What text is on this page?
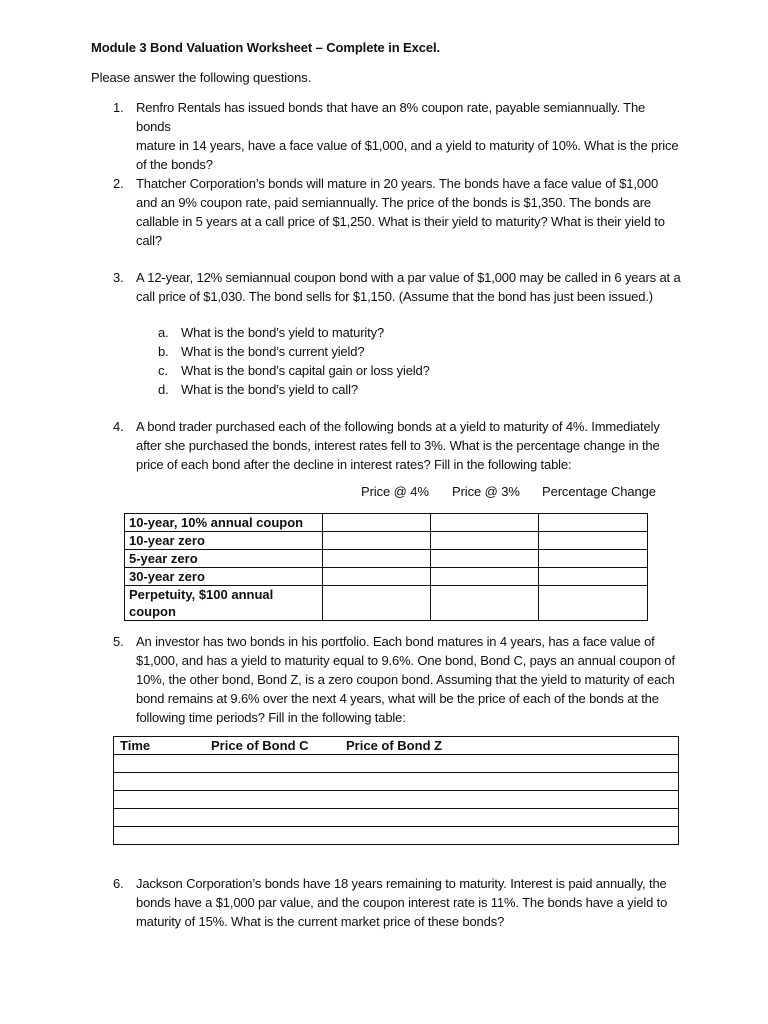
Module 3 Bond Valuation Worksheet – Complete in Excel.
Please answer the following questions.
1. Renfro Rentals has issued bonds that have an 8% coupon rate, payable semiannually. The bonds
mature in 14 years, have a face value of $1,000, and a yield to maturity of 10%. What is the price
of the bonds?
2. Thatcher Corporation’s bonds will mature in 20 years. The bonds have a face value of $1,000
and an 9% coupon rate, paid semiannually. The price of the bonds is $1,350. The bonds are
callable in 5 years at a call price of $1,250. What is their yield to maturity? What is their yield to
call?
3. A 12-year, 12% semiannual coupon bond with a par value of $1,000 may be called in 6 years at a
call price of $1,030. The bond sells for $1,150. (Assume that the bond has just been issued.)
a. What is the bond’s yield to maturity?
b. What is the bond’s current yield?
c. What is the bond’s capital gain or loss yield?
d. What is the bond’s yield to call?
4. A bond trader purchased each of the following bonds at a yield to maturity of 4%. Immediately
after she purchased the bonds, interest rates fell to 3%. What is the percentage change in the
price of each bond after the decline in interest rates? Fill in the following table:
Price @ 4% Price @ 3% Percentage Change
10-year, 10% annual coupon			
10-year zero			
5-year zero			
30-year zero			
Perpetuity, $100 annual coupon			
5. An investor has two bonds in his portfolio. Each bond matures in 4 years, has a face value of
$1,000, and has a yield to maturity equal to 9.6%. One bond, Bond C, pays an annual coupon of
10%, the other bond, Bond Z, is a zero coupon bond. Assuming that the yield to maturity of each
bond remains at 9.6% over the next 4 years, what will be the price of each of the bonds at the
following time periods? Fill in the following table:
Time	Price of Bond C	Price of Bond Z

6. Jackson Corporation’s bonds have 18 years remaining to maturity. Interest is paid annually, the
bonds have a $1,000 par value, and the coupon interest rate is 11%. The bonds have a yield to
maturity of 15%. What is the current market price of these bonds?
